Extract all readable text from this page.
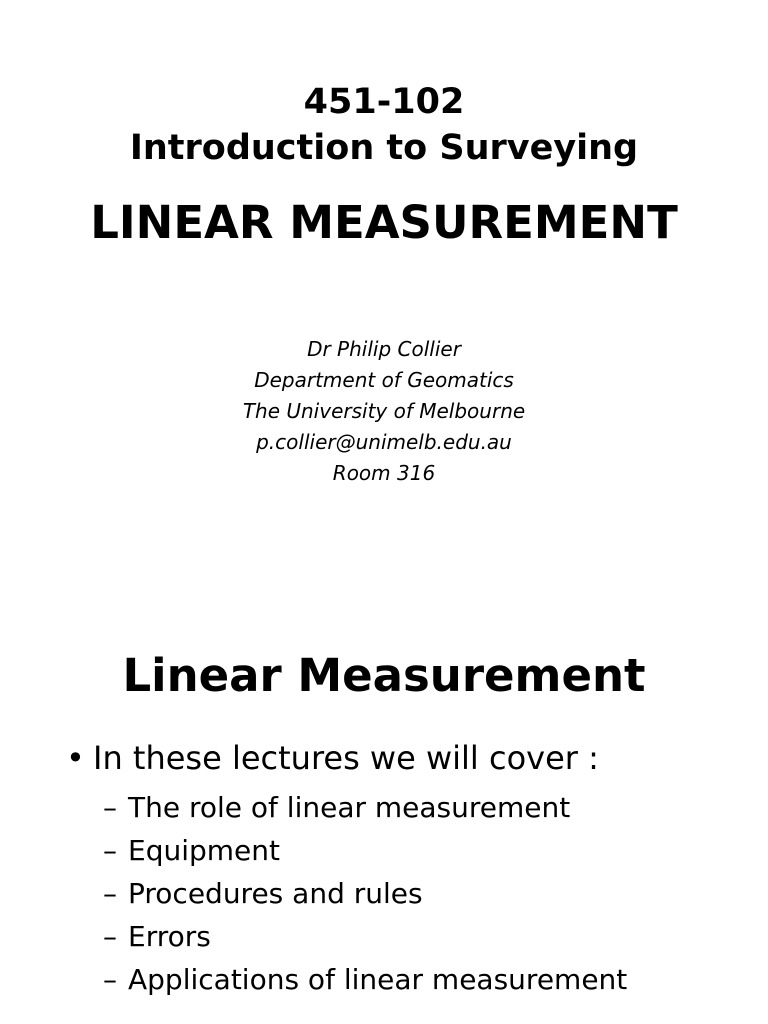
451-102
Introduction to Surveying
LINEAR MEASUREMENT
Dr Philip Collier
Department of Geomatics
The University of Melbourne
p.collier@unimelb.edu.au
Room 316
Linear Measurement
• In these lectures we will cover :
– The role of linear measurement
– Equipment
– Procedures and rules
– Errors
– Applications of linear measurement
